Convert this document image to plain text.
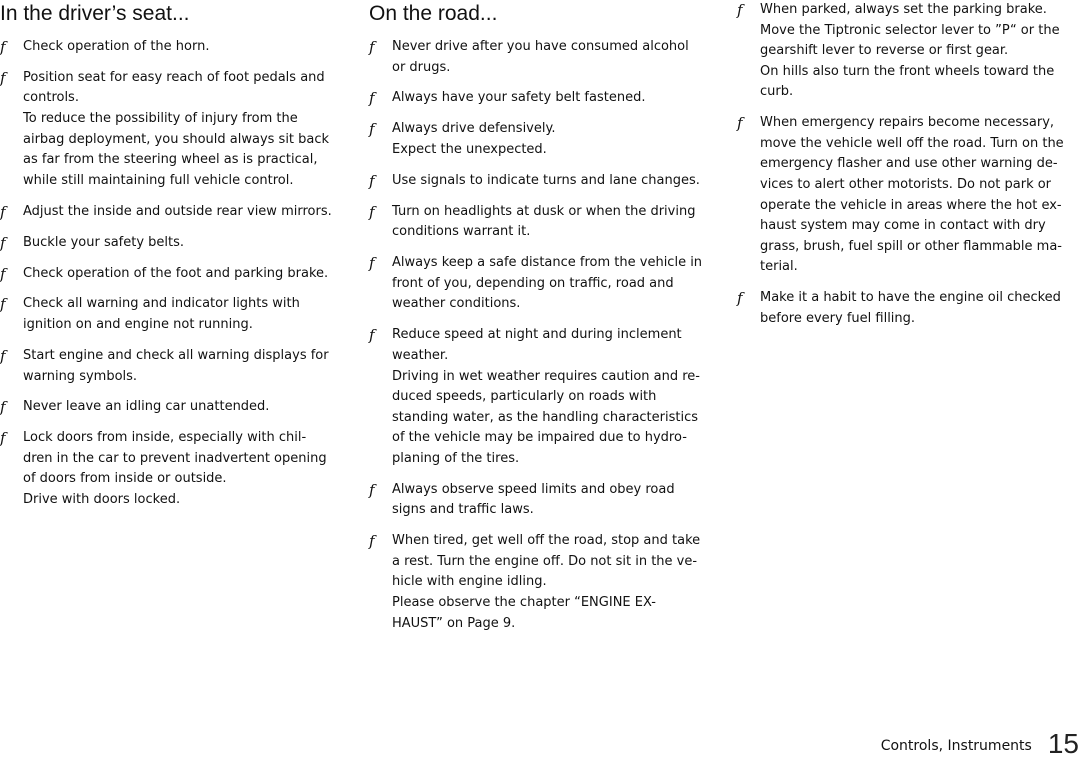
In the driver’s seat...
f Check operation of the horn.
f Position seat for easy reach of foot pedals and
controls.
To reduce the possibility of injury from the
airbag deployment, you should always sit back
as far from the steering wheel as is practical,
while still maintaining full vehicle control.
f Adjust the inside and outside rear view mirrors.
f Buckle your safety belts.
f Check operation of the foot and parking brake.
f Check all warning and indicator lights with
ignition on and engine not running.
f Start engine and check all warning displays for
warning symbols.
f Never leave an idling car unattended.
f Lock doors from inside, especially with chil-
dren in the car to prevent inadvertent opening
of doors from inside or outside.
Drive with doors locked.
On the road...
f Never drive after you have consumed alcohol
or drugs.
f Always have your safety belt fastened.
f Always drive defensively.
Expect the unexpected.
f Use signals to indicate turns and lane changes.
f Turn on headlights at dusk or when the driving
conditions warrant it.
f Always keep a safe distance from the vehicle in
front of you, depending on traffic, road and
weather conditions.
f Reduce speed at night and during inclement
weather.
Driving in wet weather requires caution and re-
duced speeds, particularly on roads with
standing water, as the handling characteristics
of the vehicle may be impaired due to hydro-
planing of the tires.
f Always observe speed limits and obey road
signs and traffic laws.
f When tired, get well off the road, stop and take
a rest. Turn the engine off. Do not sit in the ve-
hicle with engine idling.
Please observe the chapter “ENGINE EX-
HAUST” on Page 9.
f When parked, always set the parking brake.
Move the Tiptronic selector lever to ”P“ or the
gearshift lever to reverse or first gear.
On hills also turn the front wheels toward the
curb.
f When emergency repairs become necessary,
move the vehicle well off the road. Turn on the
emergency flasher and use other warning de-
vices to alert other motorists. Do not park or
operate the vehicle in areas where the hot ex-
haust system may come in contact with dry
grass, brush, fuel spill or other flammable ma-
terial.
f Make it a habit to have the engine oil checked
before every fuel filling.
Controls, Instruments 15
